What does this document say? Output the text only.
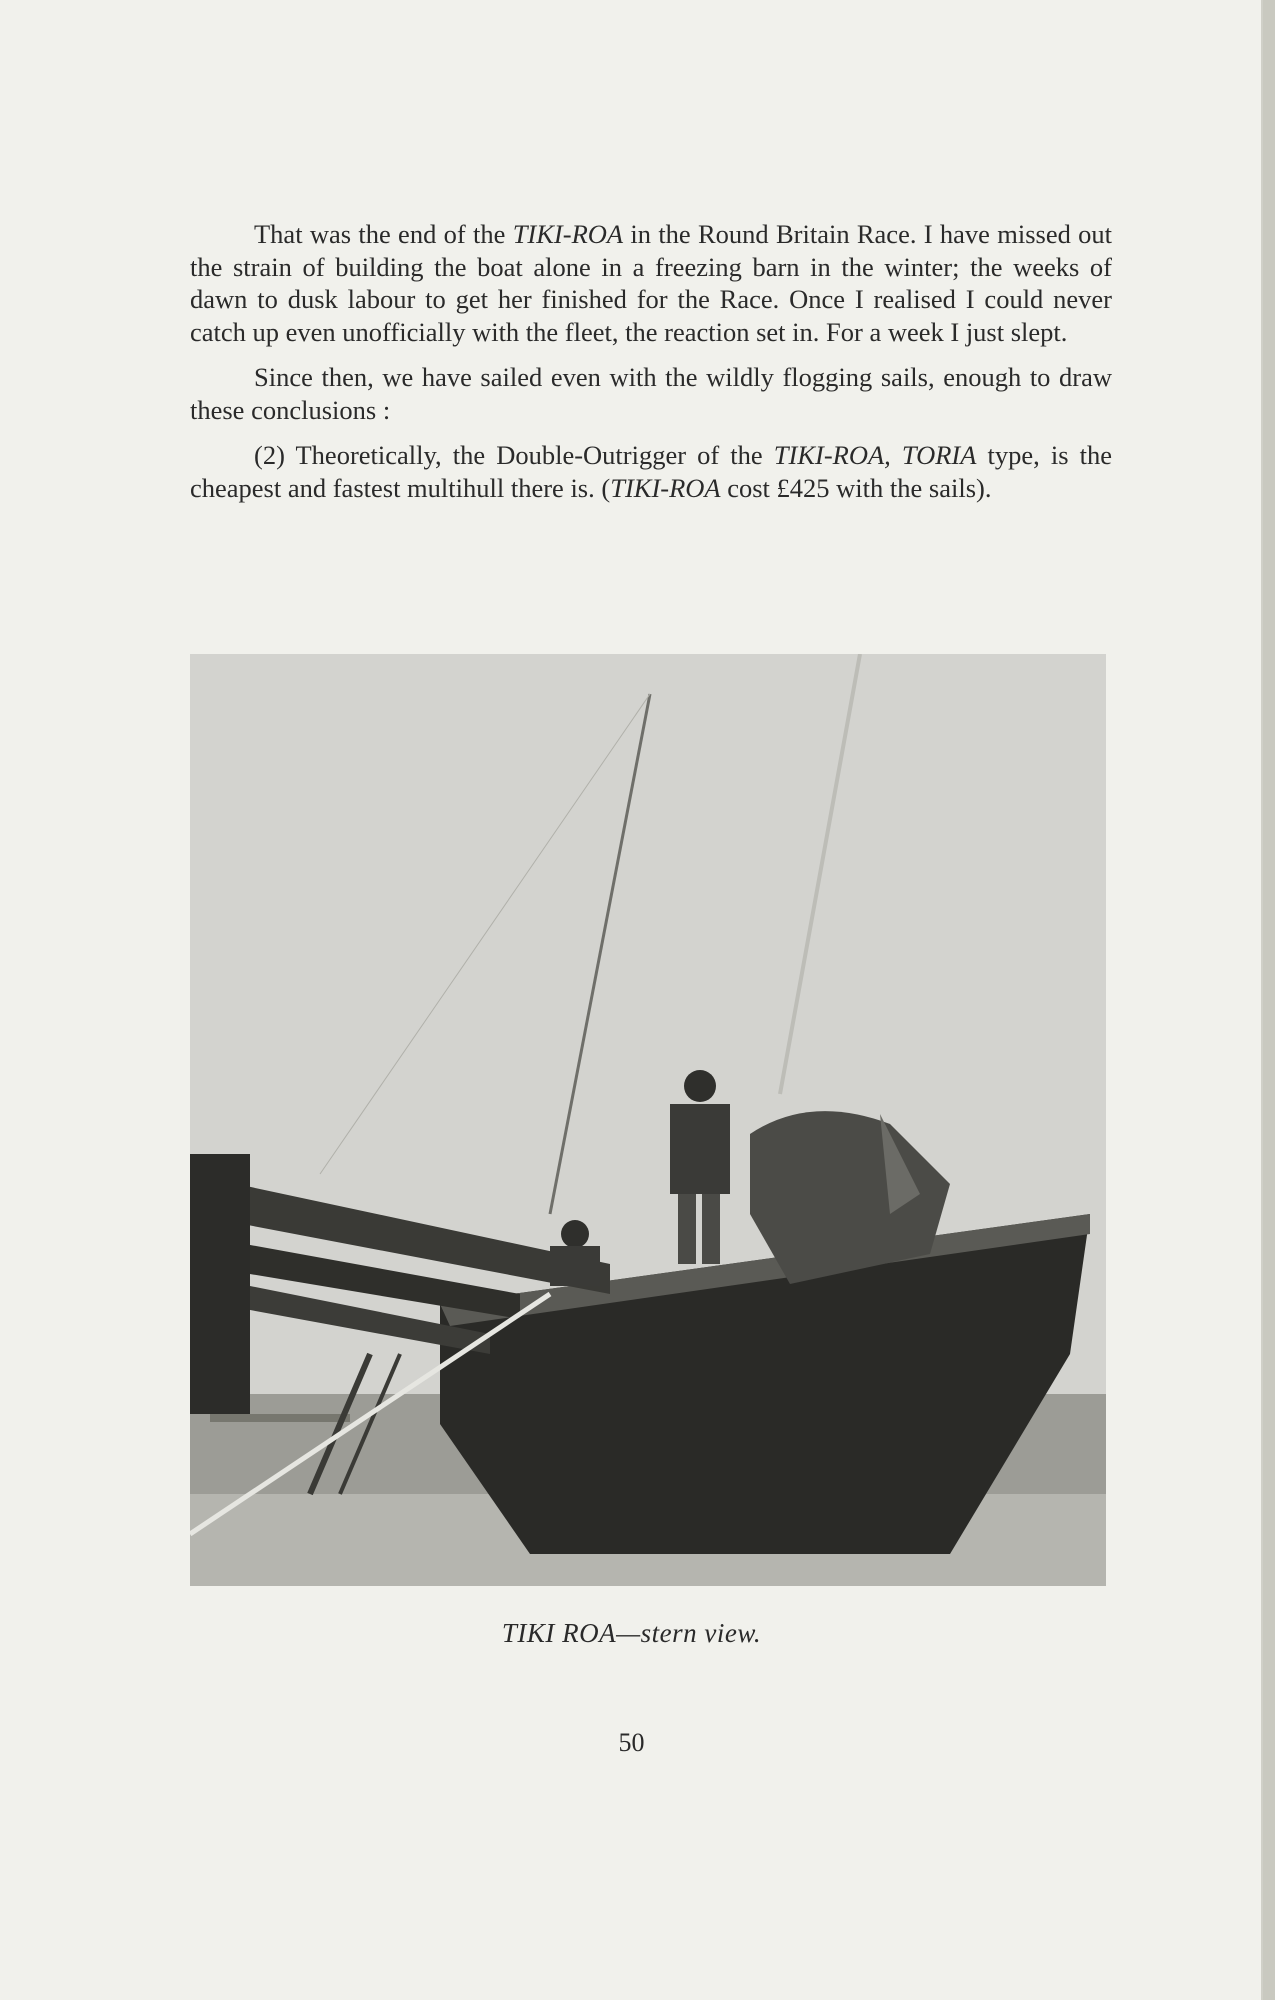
That was the end of the TIKI-ROA in the Round Britain Race. I have missed out the strain of building the boat alone in a freezing barn in the winter; the weeks of dawn to dusk labour to get her finished for the Race. Once I realised I could never catch up even unofficially with the fleet, the reaction set in. For a week I just slept.

Since then, we have sailed even with the wildly flogging sails, enough to draw these conclusions :

(2) Theoretically, the Double-Outrigger of the TIKI-ROA, TORIA type, is the cheapest and fastest multihull there is. (TIKI-ROA cost £425 with the sails).

TIKI ROA—stern view.
50
